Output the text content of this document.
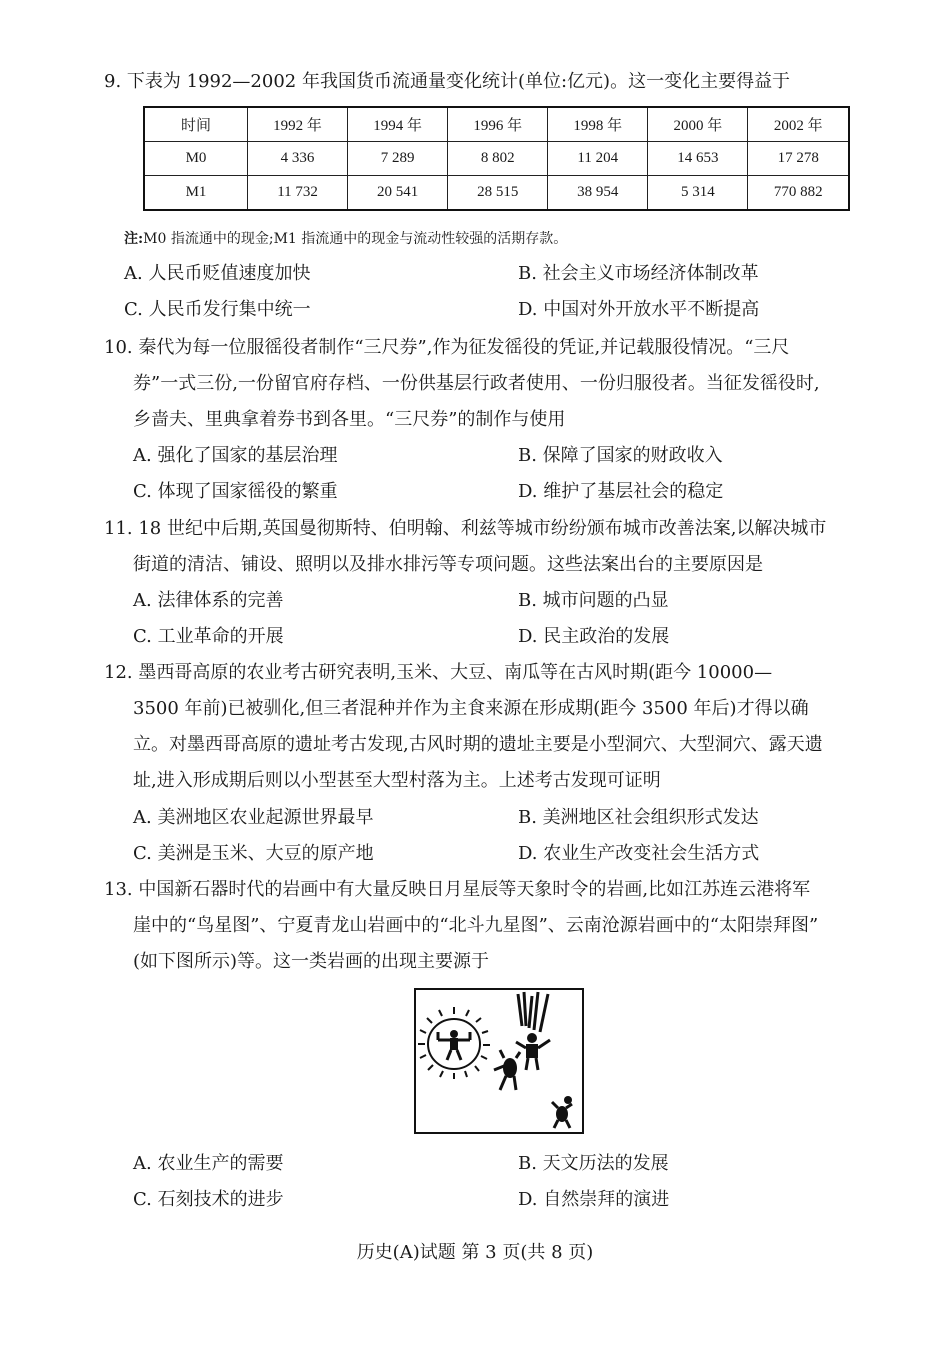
9. 下表为 1992—2002 年我国货币流通量变化统计(单位:亿元)。这一变化主要得益于
时间	1992 年	1994 年	1996 年	1998 年	2000 年	2002 年
M0	4 336	7 289	8 802	11 204	14 653	17 278
M1	11 732	20 541	28 515	38 954	5 314	770 882
注:M0 指流通中的现金;M1 指流通中的现金与流动性较强的活期存款。
A. 人民币贬值速度加快	B. 社会主义市场经济体制改革
C. 人民币发行集中统一	D. 中国对外开放水平不断提高
10. 秦代为每一位服徭役者制作“三尺券”,作为征发徭役的凭证,并记载服役情况。“三尺
券”一式三份,一份留官府存档、一份供基层行政者使用、一份归服役者。当征发徭役时,
乡啬夫、里典拿着券书到各里。“三尺券”的制作与使用
A. 强化了国家的基层治理	B. 保障了国家的财政收入
C. 体现了国家徭役的繁重	D. 维护了基层社会的稳定
11. 18 世纪中后期,英国曼彻斯特、伯明翰、利兹等城市纷纷颁布城市改善法案,以解决城市
街道的清洁、铺设、照明以及排水排污等专项问题。这些法案出台的主要原因是
A. 法律体系的完善	B. 城市问题的凸显
C. 工业革命的开展	D. 民主政治的发展
12. 墨西哥高原的农业考古研究表明,玉米、大豆、南瓜等在古风时期(距今 10000—
3500 年前)已被驯化,但三者混种并作为主食来源在形成期(距今 3500 年后)才得以确
立。对墨西哥高原的遗址考古发现,古风时期的遗址主要是小型洞穴、大型洞穴、露天遗
址,进入形成期后则以小型甚至大型村落为主。上述考古发现可证明
A. 美洲地区农业起源世界最早	B. 美洲地区社会组织形式发达
C. 美洲是玉米、大豆的原产地	D. 农业生产改变社会生活方式
13. 中国新石器时代的岩画中有大量反映日月星辰等天象时令的岩画,比如江苏连云港将军
崖中的“鸟星图”、宁夏青龙山岩画中的“北斗九星图”、云南沧源岩画中的“太阳崇拜图”
(如下图所示)等。这一类岩画的出现主要源于
A. 农业生产的需要	B. 天文历法的发展
C. 石刻技术的进步	D. 自然崇拜的演进
历史(A)试题 第 3 页(共 8 页)
